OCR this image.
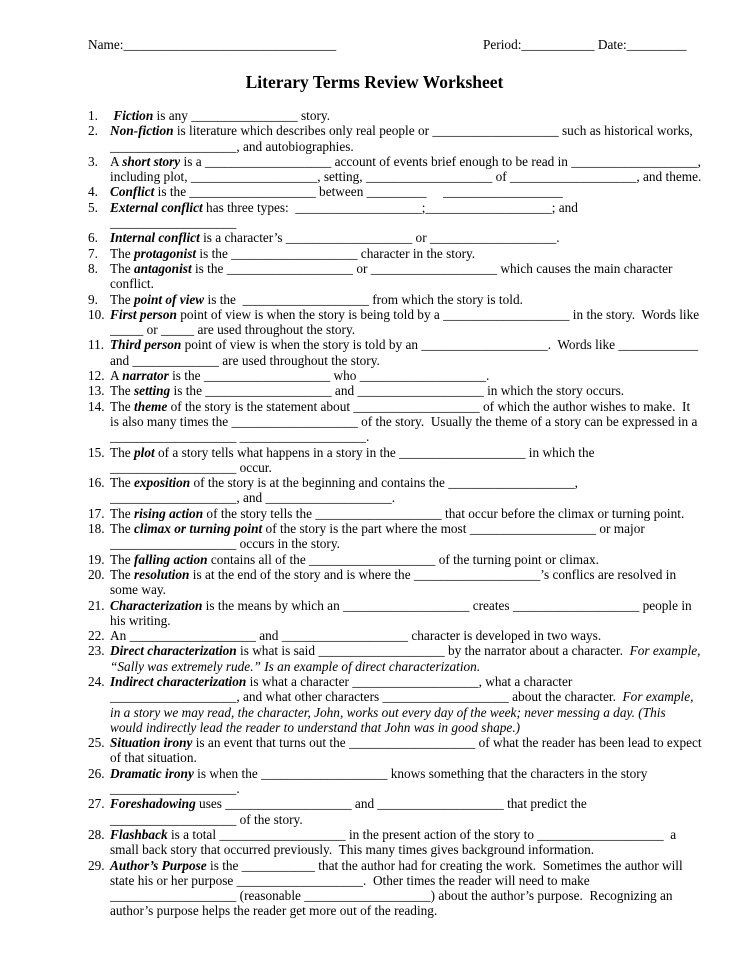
Name:________________________________	Period:___________ Date:_________
Literary Terms Review Worksheet
1.	Fiction is any ________________ story.
2. Non-fiction is literature which describes only real people or ___________________ such as historical works,
___________________, and autobiographies.
3. A short story is a ___________________ account of events brief enough to be read in ___________________,
including plot, ___________________, setting, ___________________ of ___________________, and theme.
4. Conflict is the ___________________ between _________     __________________
5. External conflict has three types:  ___________________;___________________; and
___________________
6. Internal conflict is a character’s ___________________ or ___________________.
7. The protagonist is the ___________________ character in the story.
8. The antagonist is the ___________________ or ___________________ which causes the main character
conflict.
9. The point of view is the  ___________________ from which the story is told.
10. First person point of view is when the story is being told by a ___________________ in the story.  Words like
_____ or _____ are used throughout the story.
11. Third person point of view is when the story is told by an ___________________.  Words like ____________
and _____________ are used throughout the story.
12. A narrator is the ___________________ who ___________________.
13. The setting is the ___________________ and ___________________ in which the story occurs.
14. The theme of the story is the statement about ___________________ of which the author wishes to make.  It
is also many times the ___________________ of the story.  Usually the theme of a story can be expressed in a
___________________ ___________________.
15. The plot of a story tells what happens in a story in the ___________________ in which the
___________________ occur.
16. The exposition of the story is at the beginning and contains the ___________________,
___________________, and ___________________.
17. The rising action of the story tells the ___________________ that occur before the climax or turning point.
18. The climax or turning point of the story is the part where the most ___________________ or major
___________________ occurs in the story.
19. The falling action contains all of the ___________________ of the turning point or climax.
20. The resolution is at the end of the story and is where the ___________________’s conflics are resolved in
some way.
21. Characterization is the means by which an ___________________ creates ___________________ people in
his writing.
22. An ___________________ and ___________________ character is developed in two ways.
23. Direct characterization is what is said ___________________ by the narrator about a character.  For example,
“Sally was extremely rude.” Is an example of direct characterization.
24. Indirect characterization is what a character ___________________, what a character
___________________, and what other characters ___________________ about the character.  For example,
in a story we may read, the character, John, works out every day of the week; never messing a day. (This
would indirectly lead the reader to understand that John was in good shape.)
25. Situation irony is an event that turns out the ___________________ of what the reader has been lead to expect
of that situation.
26. Dramatic irony is when the ___________________ knows something that the characters in the story
___________________.
27. Foreshadowing uses ___________________ and ___________________ that predict the
___________________ of the story.
28. Flashback is a total ___________________ in the present action of the story to ___________________  a
small back story that occurred previously.  This many times gives background information.
29. Author’s Purpose is the ___________ that the author had for creating the work.  Sometimes the author will
state his or her purpose ___________________.  Other times the reader will need to make
___________________ (reasonable ___________________) about the author’s purpose.  Recognizing an
author’s purpose helps the reader get more out of the reading.
